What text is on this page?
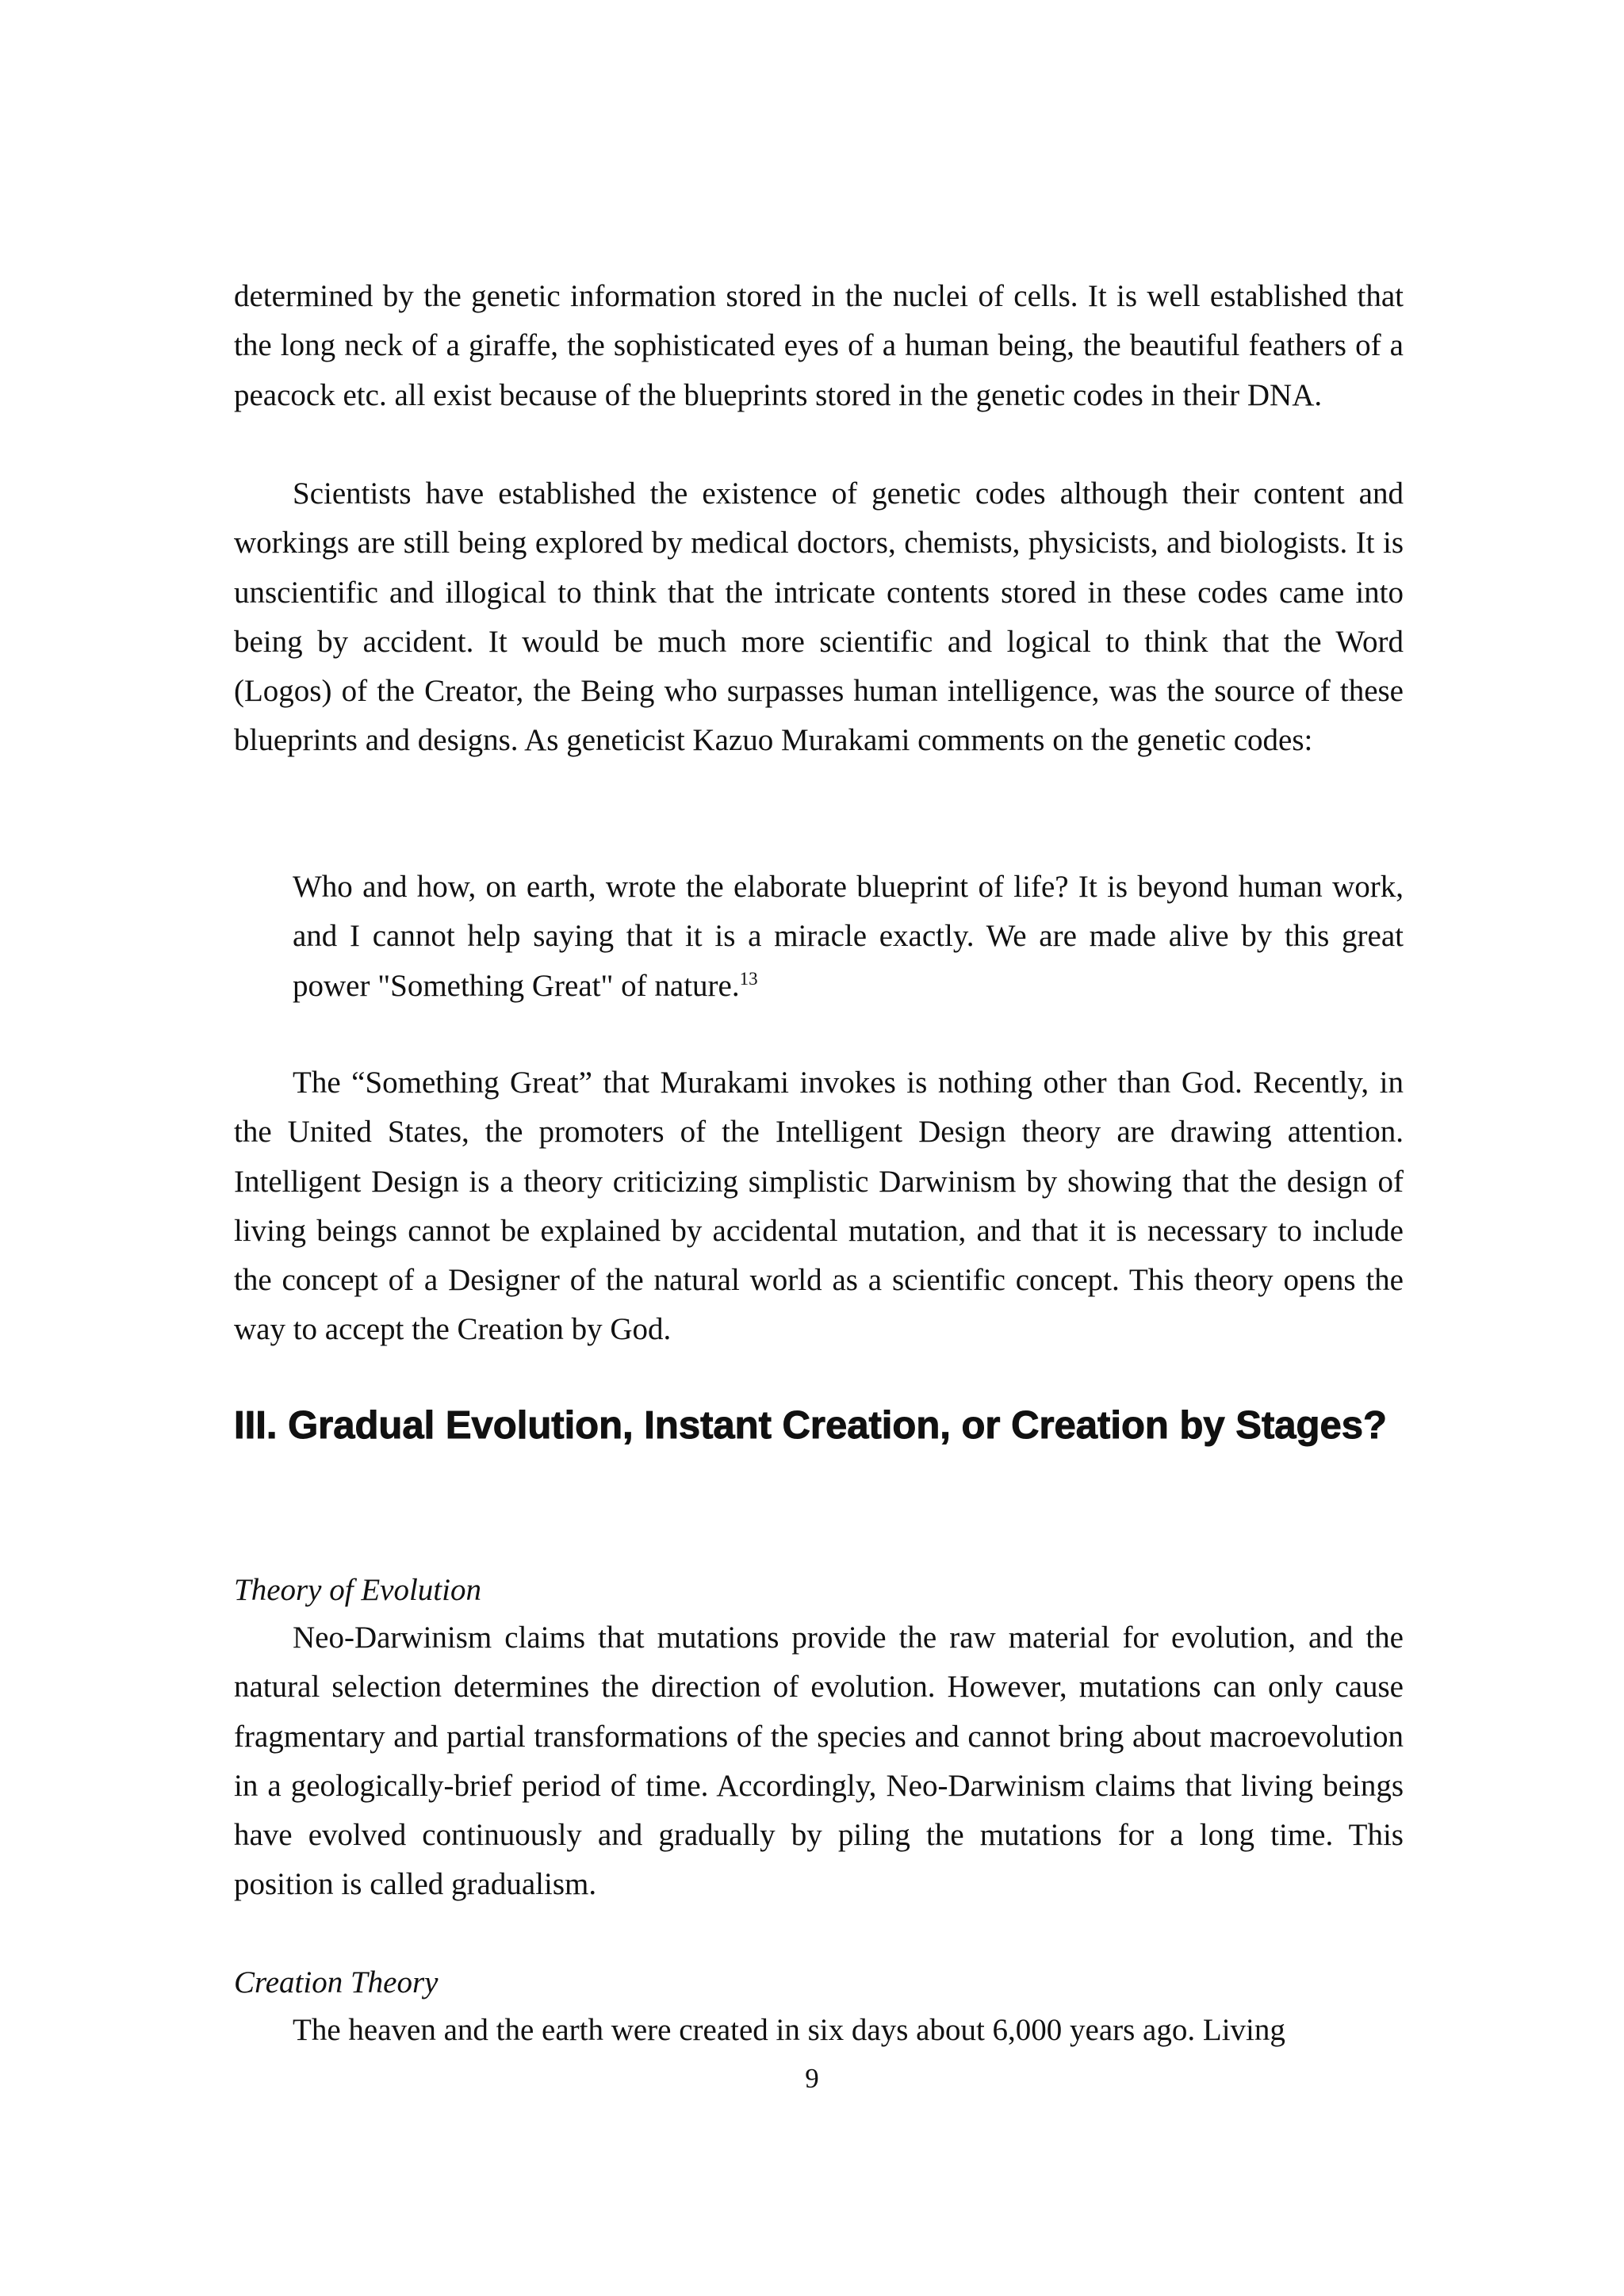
determined by the genetic information stored in the nuclei of cells. It is well established that the long neck of a giraffe, the sophisticated eyes of a human being, the beautiful feathers of a peacock etc. all exist because of the blueprints stored in the genetic codes in their DNA.

Scientists have established the existence of genetic codes although their content and workings are still being explored by medical doctors, chemists, physicists, and biologists. It is unscientific and illogical to think that the intricate contents stored in these codes came into being by accident. It would be much more scientific and logical to think that the Word (Logos) of the Creator, the Being who surpasses human intelligence, was the source of these blueprints and designs. As geneticist Kazuo Murakami comments on the genetic codes:

Who and how, on earth, wrote the elaborate blueprint of life? It is beyond human work, and I cannot help saying that it is a miracle exactly. We are made alive by this great power "Something Great" of nature.$^{13}$

The “Something Great” that Murakami invokes is nothing other than God. Recently, in the United States, the promoters of the Intelligent Design theory are drawing attention. Intelligent Design is a theory criticizing simplistic Darwinism by showing that the design of living beings cannot be explained by accidental mutation, and that it is necessary to include the concept of a Designer of the natural world as a scientific concept. This theory opens the way to accept the Creation by God.

III. Gradual Evolution, Instant Creation, or Creation by Stages?

Theory of Evolution

Neo-Darwinism claims that mutations provide the raw material for evolution, and the natural selection determines the direction of evolution. However, mutations can only cause fragmentary and partial transformations of the species and cannot bring about macroevolution in a geologically-brief period of time. Accordingly, Neo-Darwinism claims that living beings have evolved continuously and gradually by piling the mutations for a long time. This position is called gradualism.

Creation Theory

The heaven and the earth were created in six days about 6,000 years ago. Living

9
